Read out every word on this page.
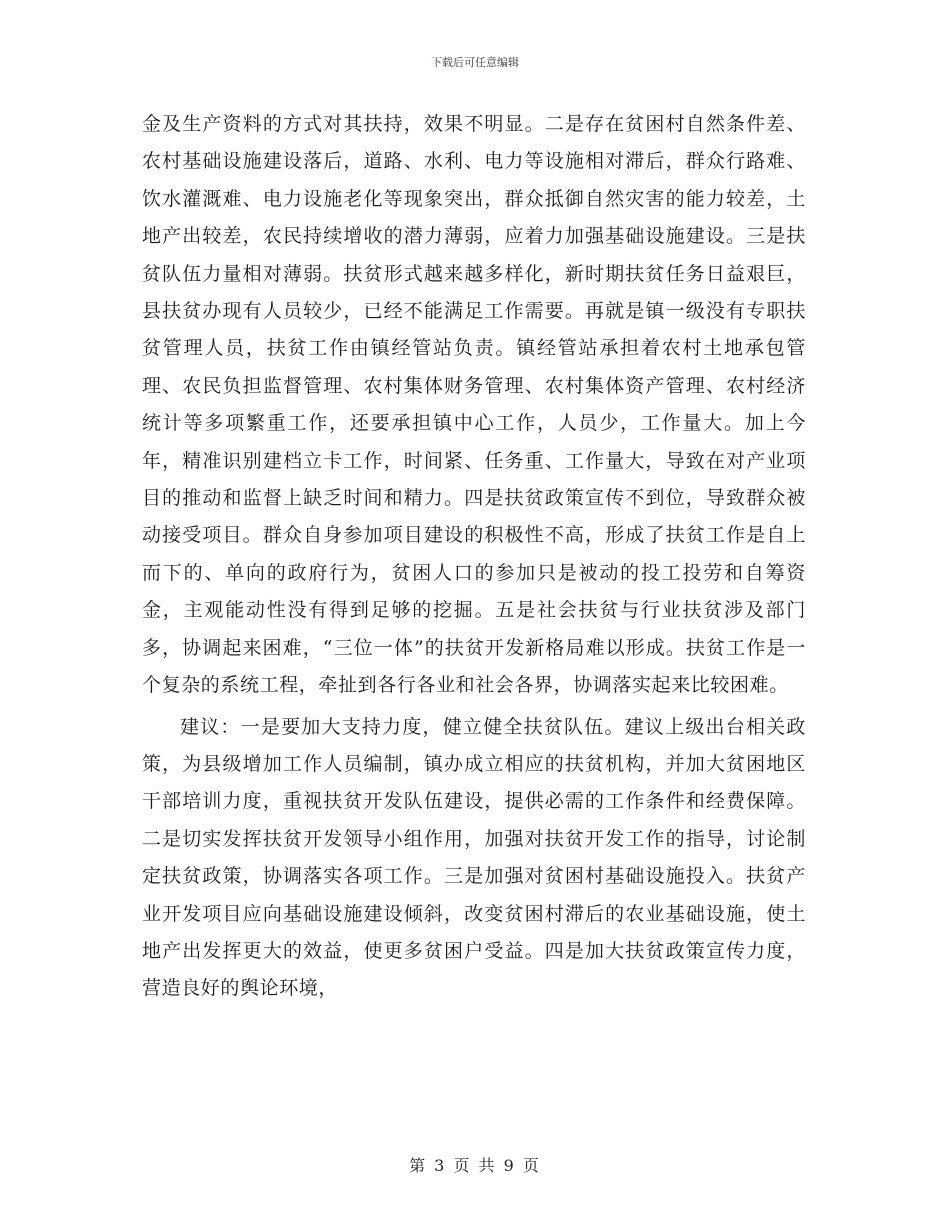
下载后可任意编辑

金及生产资料的方式对其扶持，效果不明显。二是存在贫困村自然条件差、农村基础设施建设落后，道路、水利、电力等设施相对滞后，群众行路难、饮水灌溉难、电力设施老化等现象突出，群众抵御自然灾害的能力较差，土地产出较差，农民持续增收的潜力薄弱，应着力加强基础设施建设。三是扶贫队伍力量相对薄弱。扶贫形式越来越多样化，新时期扶贫任务日益艰巨，县扶贫办现有人员较少，已经不能满足工作需要。再就是镇一级没有专职扶贫管理人员，扶贫工作由镇经管站负责。镇经管站承担着农村土地承包管理、农民负担监督管理、农村集体财务管理、农村集体资产管理、农村经济统计等多项繁重工作，还要承担镇中心工作，人员少，工作量大。加上今年，精准识别建档立卡工作，时间紧、任务重、工作量大，导致在对产业项目的推动和监督上缺乏时间和精力。四是扶贫政策宣传不到位，导致群众被动接受项目。群众自身参加项目建设的积极性不高，形成了扶贫工作是自上而下的、单向的政府行为，贫困人口的参加只是被动的投工投劳和自筹资金，主观能动性没有得到足够的挖掘。五是社会扶贫与行业扶贫涉及部门多，协调起来困难，“三位一体”的扶贫开发新格局难以形成。扶贫工作是一个复杂的系统工程，牵扯到各行各业和社会各界，协调落实起来比较困难。

建议：一是要加大支持力度，健立健全扶贫队伍。建议上级出台相关政策，为县级增加工作人员编制，镇办成立相应的扶贫机构，并加大贫困地区干部培训力度，重视扶贫开发队伍建设，提供必需的工作条件和经费保障。二是切实发挥扶贫开发领导小组作用，加强对扶贫开发工作的指导，讨论制定扶贫政策，协调落实各项工作。三是加强对贫困村基础设施投入。扶贫产业开发项目应向基础设施建设倾斜，改变贫困村滞后的农业基础设施，使土地产出发挥更大的效益，使更多贫困户受益。四是加大扶贫政策宣传力度，营造良好的舆论环境，

第 3 页 共 9 页
